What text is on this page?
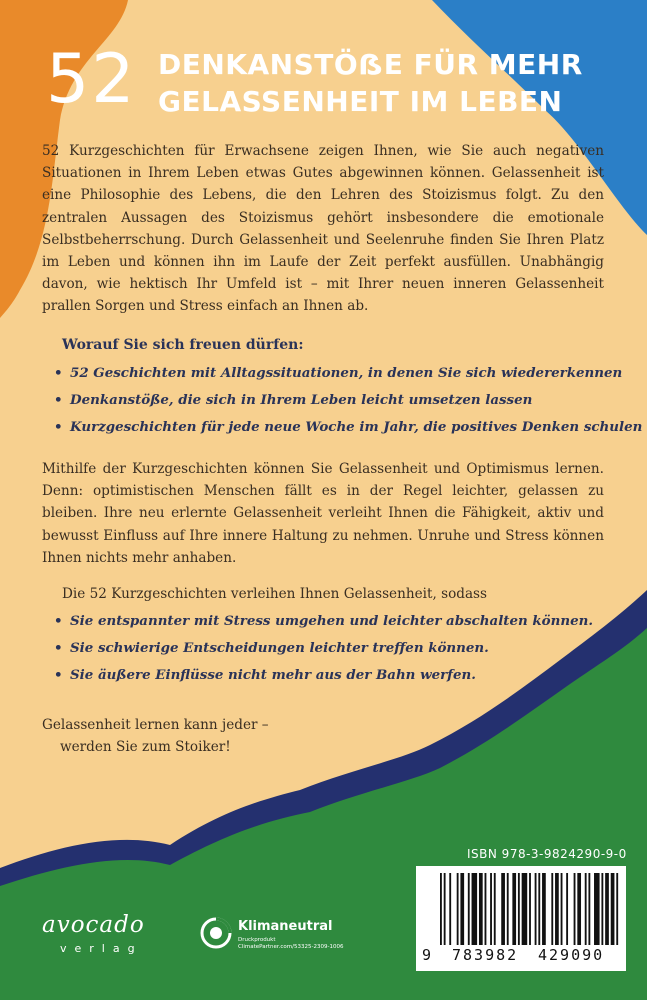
52 DENKANSTÖẞE FÜR MEHR
GELASSENHEIT IM LEBEN
52 Kurzgeschichten für Erwachsene zeigen Ihnen, wie Sie auch negativen Situationen in Ihrem Leben etwas Gutes abgewinnen können. Gelassenheit ist eine Philosophie des Lebens, die den Lehren des Stoizismus folgt. Zu den zentralen Aussagen des Stoizismus gehört insbesondere die emotionale Selbstbeherrschung. Durch Gelassenheit und Seelenruhe finden Sie Ihren Platz im Leben und können ihn im Laufe der Zeit perfekt ausfüllen. Unabhängig davon, wie hektisch Ihr Umfeld ist – mit Ihrer neuen inneren Gelassenheit prallen Sorgen und Stress einfach an Ihnen ab.
Worauf Sie sich freuen dürfen:
• 52 Geschichten mit Alltagssituationen, in denen Sie sich wiedererkennen
• Denkanstöße, die sich in Ihrem Leben leicht umsetzen lassen
• Kurzgeschichten für jede neue Woche im Jahr, die positives Denken schulen
Mithilfe der Kurzgeschichten können Sie Gelassenheit und Optimismus lernen. Denn: optimistischen Menschen fällt es in der Regel leichter, gelassen zu bleiben. Ihre neu erlernte Gelassenheit verleiht Ihnen die Fähigkeit, aktiv und bewusst Einfluss auf Ihre innere Haltung zu nehmen. Unruhe und Stress können Ihnen nichts mehr anhaben.
Die 52 Kurzgeschichten verleihen Ihnen Gelassenheit, sodass
• Sie entspannter mit Stress umgehen und leichter abschalten können.
• Sie schwierige Entscheidungen leichter treffen können.
• Sie äußere Einflüsse nicht mehr aus der Bahn werfen.
Gelassenheit lernen kann jeder –
werden Sie zum Stoiker!
ISBN 978-3-9824290-9-0
9 783982 429090
avocado
verlag
Klimaneutral
Druckprodukt
ClimatePartner.com/53325-2309-1006
